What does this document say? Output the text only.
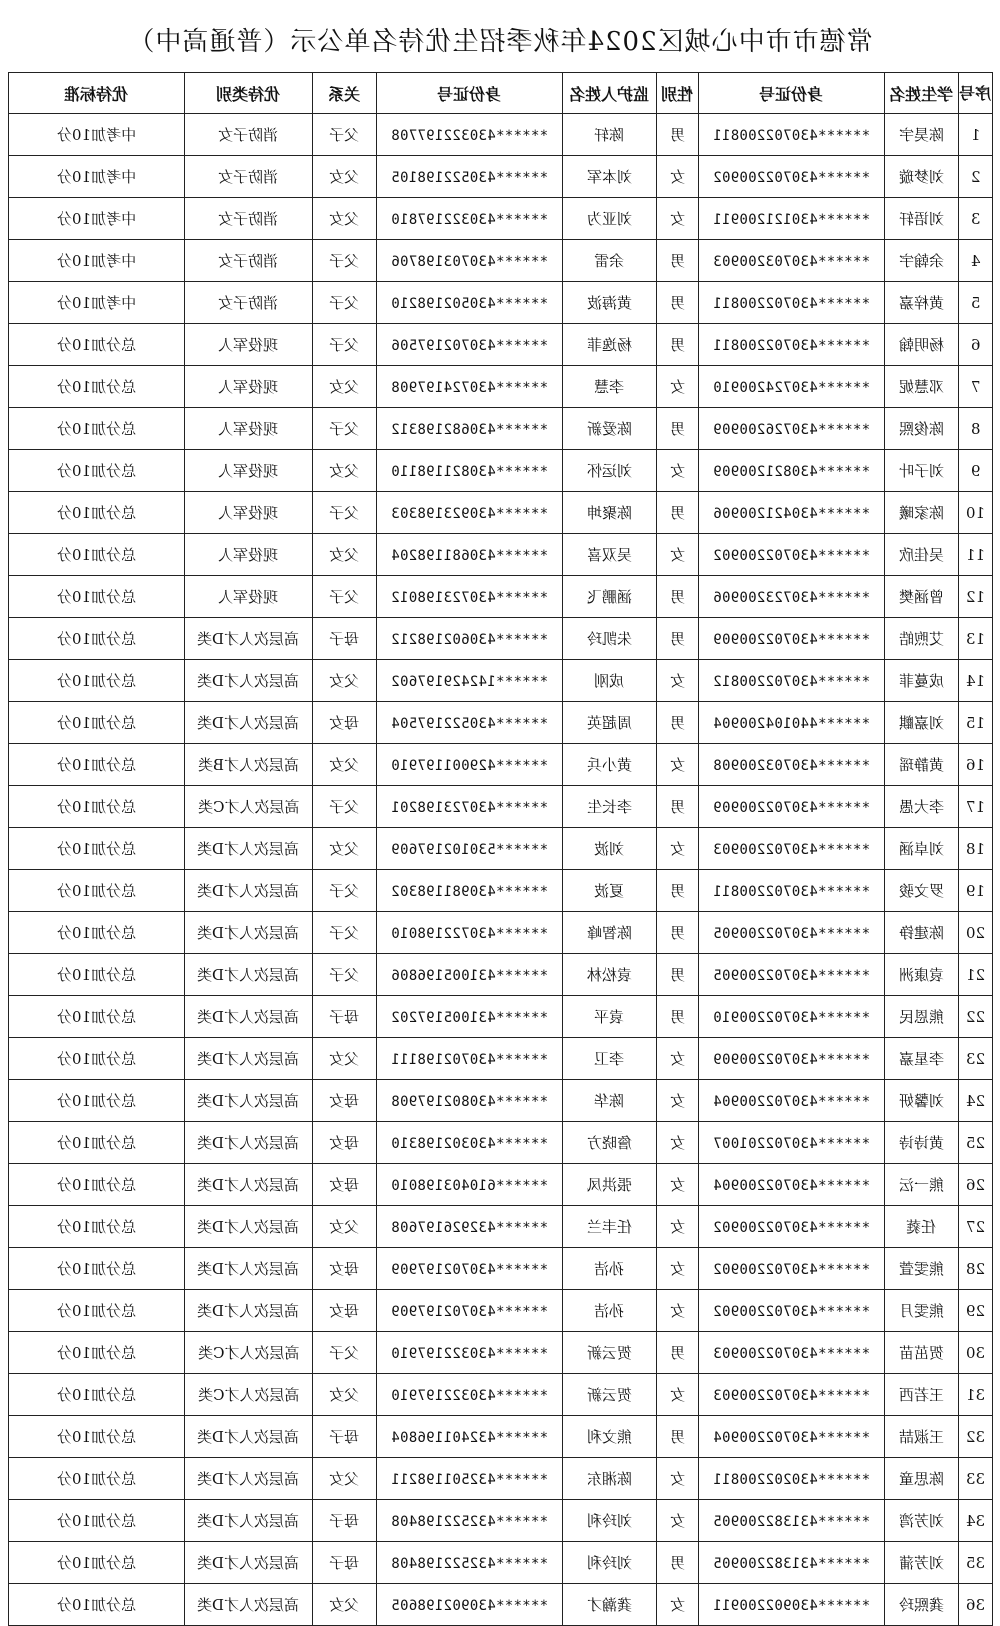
常德市市中心城区2024年秋季招生优待名单公示（普通高中）
序号	学生姓名	身份证号	性别	监护人姓名	身份证号	关系	优待类别	优待标准
1	陈昊宇	430702200811******	男	陈轩	430322197708******	父子	消防子女	中考加10分
2	刘梦璇	430702200902******	女	刘本军	430522198105******	父女	消防子女	中考加10分
3	刘语轩	430121200911******	女	刘亚为	430322197810******	父女	消防子女	中考加10分
4	余翰宇	430703200903******	男	余雷	430703198706******	父子	消防子女	中考加10分
5	黄梓嘉	430702200811******	男	黄海波	430502198210******	父子	消防子女	中考加10分
6	杨明翰	430702200811******	男	杨逸菲	430702197506******	父子	现役军人	总分加10分
7	邓慧妮	430724200910******	女	李慧	430724197908******	父女	现役军人	总分加10分
8	陈俊熙	430726200909******	男	陈爱新	430682198312******	父子	现役军人	总分加10分
9	刘子叶	430821200909******	女	刘运怀	430821198110******	父女	现役军人	总分加10分
10	陈家曦	430421200906******	男	陈聚坤	430923198303******	父子	现役军人	总分加10分
11	吴佳欣	430702200902******	女	吴双喜	430681198204******	父女	现役军人	总分加10分
12	曾涵樊	430723200906******	男	涵鹏飞	430723198012******	父子	现役军人	总分加10分
13	艾煦皓	430702200909******	男	朱凯玲	430602198212******	母子	高层次人才D类	总分加10分
14	成蔓菲	430702200812******	女	成刚	142429197602******	父女	高层次人才D类	总分加10分
15	刘嘉麒	440104200904******	男	周超英	430522197504******	母女	高层次人才D类	总分加10分
16	黄静瑶	430703200908******	女	黄小兵	429001197910******	父女	高层次人才B类	总分加10分
17	李大愚	430702200909******	男	李长生	430723198201******	父子	高层次人才C类	总分加10分
18	刘卓涵	430702200903******	女	刘波	530102197609******	父女	高层次人才D类	总分加10分
19	罗文骏	430702200811******	男	夏波	430981198302******	父子	高层次人才D类	总分加10分
20	陈建铮	430702200905******	男	陈智峰	430722198010******	父子	高层次人才D类	总分加10分
21	袁康洲	430702200905******	男	袁松林	431005196806******	父子	高层次人才D类	总分加10分
22	熊恩民	430702200910******	男	袁平	431005197202******	母子	高层次人才D类	总分加10分
23	李星嘉	430702200909******	女	李卫	430702198111******	父女	高层次人才D类	总分加10分
24	刘馨妍	430702200904******	女	陈华	430802197908******	母女	高层次人才D类	总分加10分
25	黄诗诗	430702201007******	女	詹晓方	430302198310******	母女	高层次人才D类	总分加10分
26	熊一沄	430702200904******	女	張洪凤	610403198010******	母女	高层次人才D类	总分加10分
27	任蕤	430702200902******	女	任丰兰	432926197608******	父女	高层次人才D类	总分加10分
28	熊雯萱	430702200902******	女	孙洁	430702197909******	母女	高层次人才D类	总分加10分
29	熊雯月	430702200902******	女	孙洁	430702197909******	母女	高层次人才D类	总分加10分
30	贺茁苗	430702200903******	男	贺云新	430322197910******	父子	高层次人才C类	总分加10分
31	王若西	430702200903******	女	贺云新	430322197910******	父女	高层次人才C类	总分加10分
32	王淑喆	430702200904******	男	熊文利	432401196804******	母子	高层次人才D类	总分加10分
33	陈思童	430202200811******	女	陈湘东	432501198211******	父女	高层次人才D类	总分加10分
34	刘芳湾	431382200905******	女	刘玲利	432522198408******	母子	高层次人才D类	总分加10分
35	刘芳蒲	431382200905******	男	刘玲利	432522198408******	母子	高层次人才D类	总分加10分
36	龚熙玲	430902200911******	女	龚瀚才	430902198605******	父女	高层次人才D类	总分加10分
